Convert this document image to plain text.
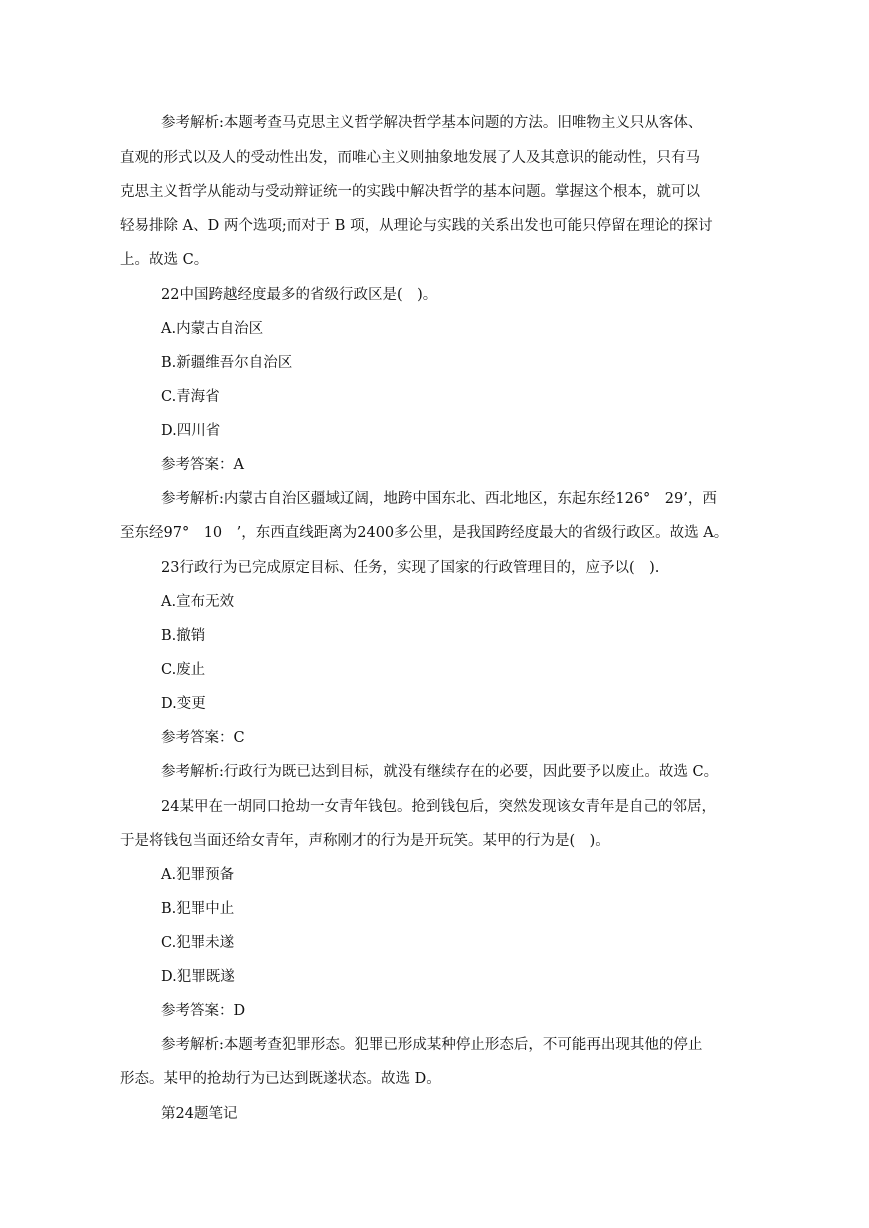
参考解析:本题考查马克思主义哲学解决哲学基本问题的方法。旧唯物主义只从客体、
直观的形式以及人的受动性出发，而唯心主义则抽象地发展了人及其意识的能动性，只有马
克思主义哲学从能动与受动辩证统一的实践中解决哲学的基本问题。掌握这个根本，就可以
轻易排除 A、D 两个选项;而对于 B 项，从理论与实践的关系出发也可能只停留在理论的探讨
上。故选 C。
22中国跨越经度最多的省级行政区是(　)。
A.内蒙古自治区
B.新疆维吾尔自治区
C.青海省
D.四川省
参考答案：A
参考解析:内蒙古自治区疆域辽阔，地跨中国东北、西北地区，东起东经126°　29’，西
至东经97°　10　’，东西直线距离为2400多公里，是我国跨经度最大的省级行政区。故选 A。
23行政行为已完成原定目标、任务，实现了国家的行政管理目的，应予以(　).
A.宣布无效
B.撤销
C.废止
D.变更
参考答案：C
参考解析:行政行为既已达到目标，就没有继续存在的必要，因此要予以废止。故选 C。
24某甲在一胡同口抢劫一女青年钱包。抢到钱包后，突然发现该女青年是自己的邻居，
于是将钱包当面还给女青年，声称刚才的行为是开玩笑。某甲的行为是(　)。
A.犯罪预备
B.犯罪中止
C.犯罪未遂
D.犯罪既遂
参考答案：D
参考解析:本题考查犯罪形态。犯罪已形成某种停止形态后，不可能再出现其他的停止
形态。某甲的抢劫行为已达到既遂状态。故选 D。
第24题笔记
